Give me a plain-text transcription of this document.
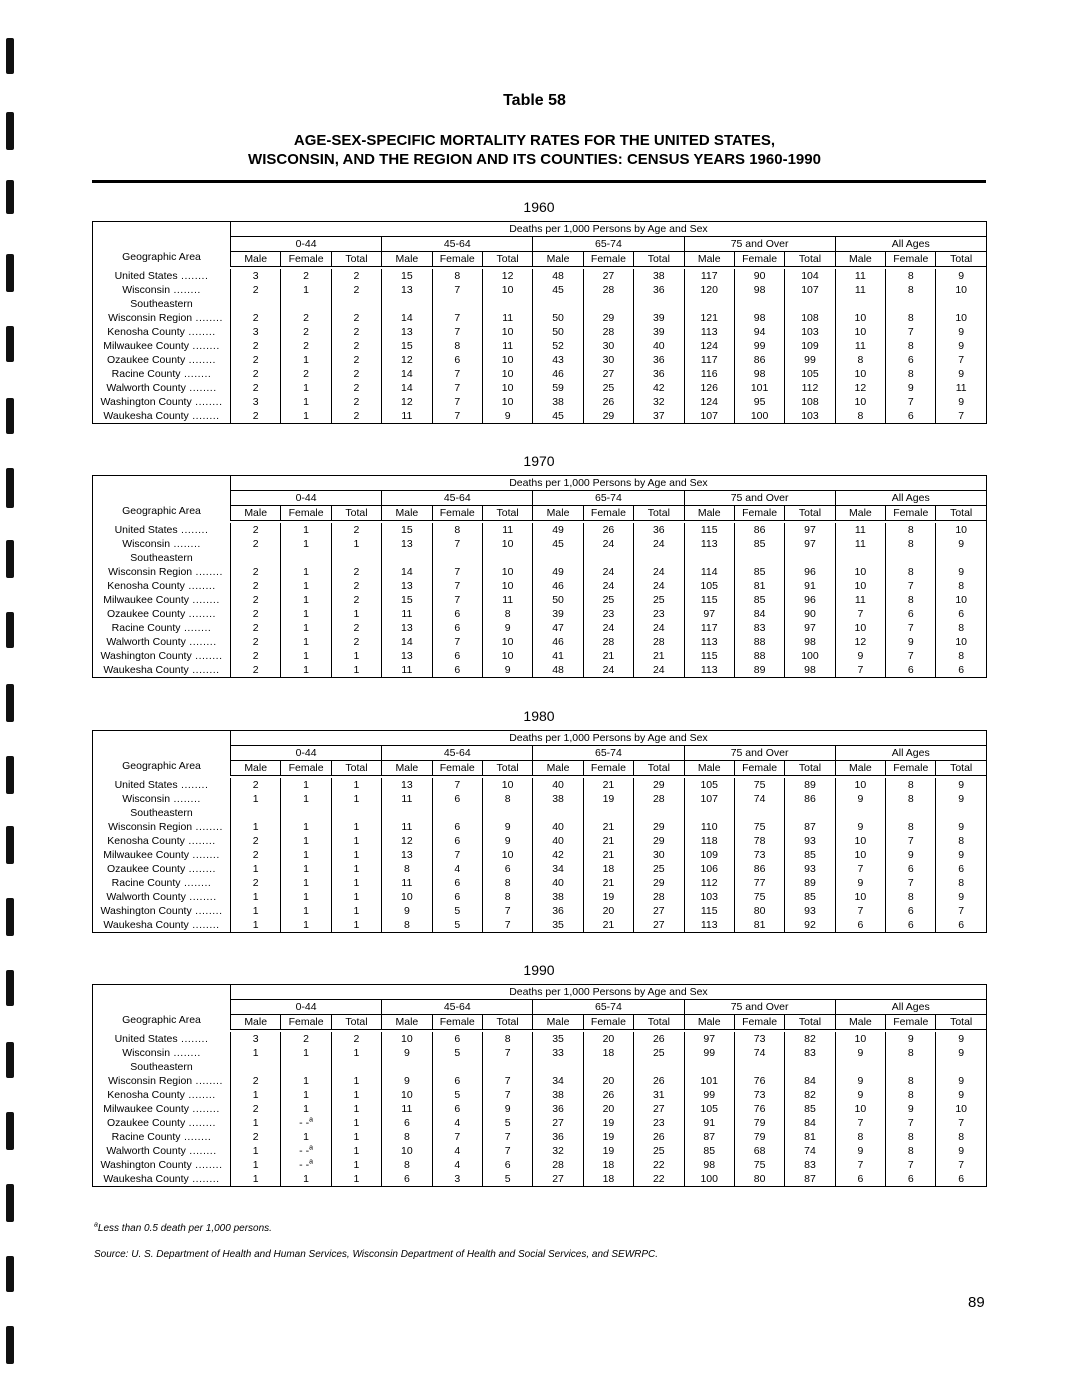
Table 58
AGE-SEX-SPECIFIC MORTALITY RATES FOR THE UNITED STATES,
WISCONSIN, AND THE REGION AND ITS COUNTIES: CENSUS YEARS 1960-1990
1960
Geographic Area	Deaths per 1,000 Persons by Age and Sex														
	0-44			45-64			65-74			75 and Over			All Ages		
	Male	Female	Total	Male	Female	Total	Male	Female	Total	Male	Female	Total	Male	Female	Total

United States ........	3	2	2	15	8	12	48	27	38	117	90	104	11	8	9
Wisconsin ........	2	1	2	13	7	10	45	28	36	120	98	107	11	8	10
Southeastern															
Wisconsin Region ........	2	2	2	14	7	11	50	29	39	121	98	108	10	8	10
Kenosha County ........	3	2	2	13	7	10	50	28	39	113	94	103	10	7	9
Milwaukee County ........	2	2	2	15	8	11	52	30	40	124	99	109	11	8	9
Ozaukee County ........	2	1	2	12	6	10	43	30	36	117	86	99	8	6	7
Racine County ........	2	2	2	14	7	10	46	27	36	116	98	105	10	8	9
Walworth County ........	2	1	2	14	7	10	59	25	42	126	101	112	12	9	11
Washington County ........	3	1	2	12	7	10	38	26	32	124	95	108	10	7	9
Waukesha County ........	2	1	2	11	7	9	45	29	37	107	100	103	8	6	7
1970
Geographic Area	Deaths per 1,000 Persons by Age and Sex														
	0-44			45-64			65-74			75 and Over			All Ages		
	Male	Female	Total	Male	Female	Total	Male	Female	Total	Male	Female	Total	Male	Female	Total

United States ........	2	1	2	15	8	11	49	26	36	115	86	97	11	8	10
Wisconsin ........	2	1	1	13	7	10	45	24	24	113	85	97	11	8	9
Southeastern															
Wisconsin Region ........	2	1	2	14	7	10	49	24	24	114	85	96	10	8	9
Kenosha County ........	2	1	2	13	7	10	46	24	24	105	81	91	10	7	8
Milwaukee County ........	2	1	2	15	7	11	50	25	25	115	85	96	11	8	10
Ozaukee County ........	2	1	1	11	6	8	39	23	23	97	84	90	7	6	6
Racine County ........	2	1	2	13	6	9	47	24	24	117	83	97	10	7	8
Walworth County ........	2	1	2	14	7	10	46	28	28	113	88	98	12	9	10
Washington County ........	2	1	1	13	6	10	41	21	21	115	88	100	9	7	8
Waukesha County ........	2	1	1	11	6	9	48	24	24	113	89	98	7	6	6
1980
Geographic Area	Deaths per 1,000 Persons by Age and Sex														
	0-44			45-64			65-74			75 and Over			All Ages		
	Male	Female	Total	Male	Female	Total	Male	Female	Total	Male	Female	Total	Male	Female	Total

United States ........	2	1	1	13	7	10	40	21	29	105	75	89	10	8	9
Wisconsin ........	1	1	1	11	6	8	38	19	28	107	74	86	9	8	9
Southeastern															
Wisconsin Region ........	1	1	1	11	6	9	40	21	29	110	75	87	9	8	9
Kenosha County ........	2	1	1	12	6	9	40	21	29	118	78	93	10	7	8
Milwaukee County ........	2	1	1	13	7	10	42	21	30	109	73	85	10	9	9
Ozaukee County ........	1	1	1	8	4	6	34	18	25	106	86	93	7	6	6
Racine County ........	2	1	1	11	6	8	40	21	29	112	77	89	9	7	8
Walworth County ........	1	1	1	10	6	8	38	19	28	103	75	85	10	8	9
Washington County ........	1	1	1	9	5	7	36	20	27	115	80	93	7	6	7
Waukesha County ........	1	1	1	8	5	7	35	21	27	113	81	92	6	6	6
1990
Geographic Area	Deaths per 1,000 Persons by Age and Sex														
	0-44			45-64			65-74			75 and Over			All Ages		
	Male	Female	Total	Male	Female	Total	Male	Female	Total	Male	Female	Total	Male	Female	Total

United States ........	3	2	2	10	6	8	35	20	26	97	73	82	10	9	9
Wisconsin ........	1	1	1	9	5	7	33	18	25	99	74	83	9	8	9
Southeastern															
Wisconsin Region ........	2	1	1	9	6	7	34	20	26	101	76	84	9	8	9
Kenosha County ........	1	1	1	10	5	7	38	26	31	99	73	82	9	8	9
Milwaukee County ........	2	1	1	11	6	9	36	20	27	105	76	85	10	9	10
Ozaukee County ........	1	- -$^a$	1	6	4	5	27	19	23	91	79	84	7	7	7
Racine County ........	2	1	1	8	7	7	36	19	26	87	79	81	8	8	8
Walworth County ........	1	- -$^a$	1	10	4	7	32	19	25	85	68	74	9	8	9
Washington County ........	1	- -$^a$	1	8	4	6	28	18	22	98	75	83	7	7	7
Waukesha County ........	1	1	1	6	3	5	27	18	22	100	80	87	6	6	6
$^a$Less than 0.5 death per 1,000 persons.
Source: U. S. Department of Health and Human Services, Wisconsin Department of Health and Social Services, and SEWRPC.
89
